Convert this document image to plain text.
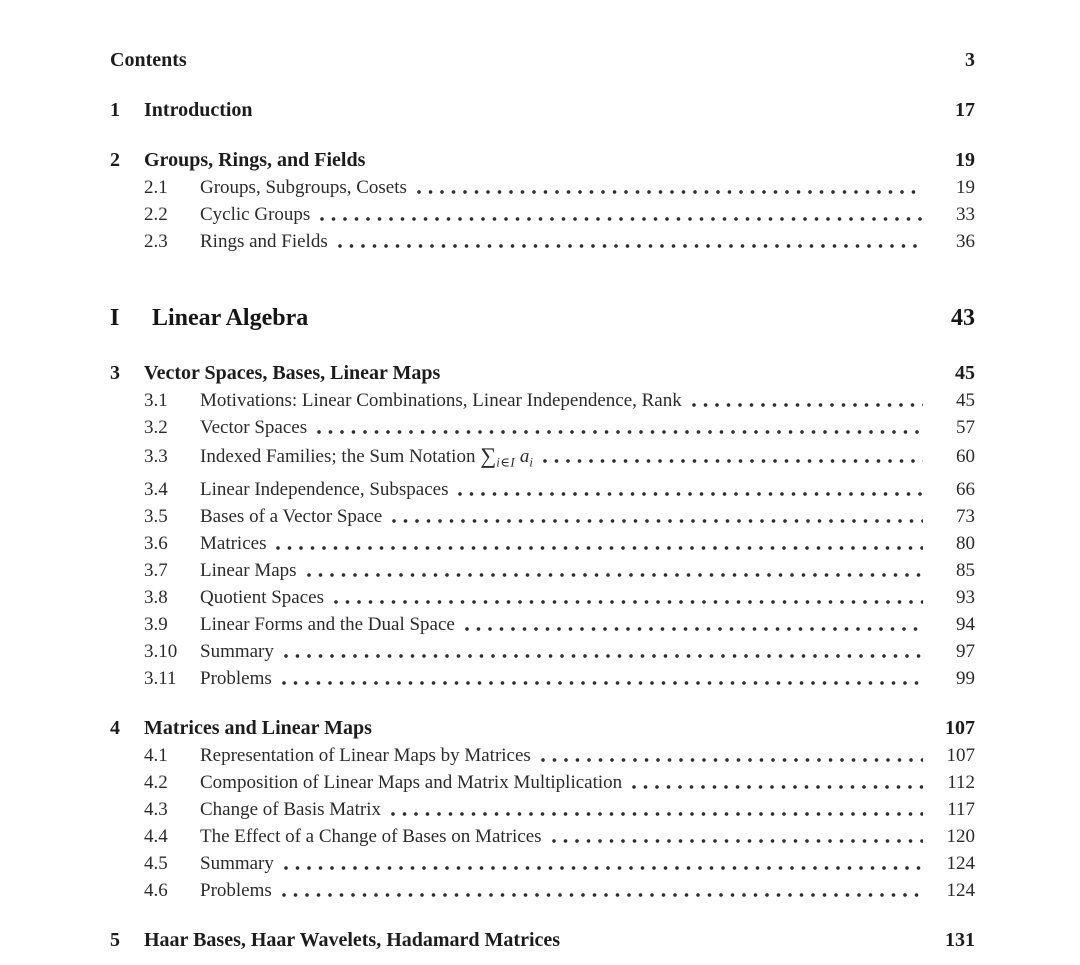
Contents	3
1	Introduction	17
2	Groups, Rings, and Fields	19
2.1	Groups, Subgroups, Cosets	19
2.2	Cyclic Groups	33
2.3	Rings and Fields	36
I	Linear Algebra	43
3	Vector Spaces, Bases, Linear Maps	45
3.1	Motivations: Linear Combinations, Linear Independence, Rank	45
3.2	Vector Spaces	57
3.3	Indexed Families; the Sum Notation $\sum_{i\in I}$ $a_i$	60
3.4	Linear Independence, Subspaces	66
3.5	Bases of a Vector Space	73
3.6	Matrices	80
3.7	Linear Maps	85
3.8	Quotient Spaces	93
3.9	Linear Forms and the Dual Space	94
3.10	Summary	97
3.11	Problems	99
4	Matrices and Linear Maps	107
4.1	Representation of Linear Maps by Matrices	107
4.2	Composition of Linear Maps and Matrix Multiplication	112
4.3	Change of Basis Matrix	117
4.4	The Effect of a Change of Bases on Matrices	120
4.5	Summary	124
4.6	Problems	124
5	Haar Bases, Haar Wavelets, Hadamard Matrices	131
